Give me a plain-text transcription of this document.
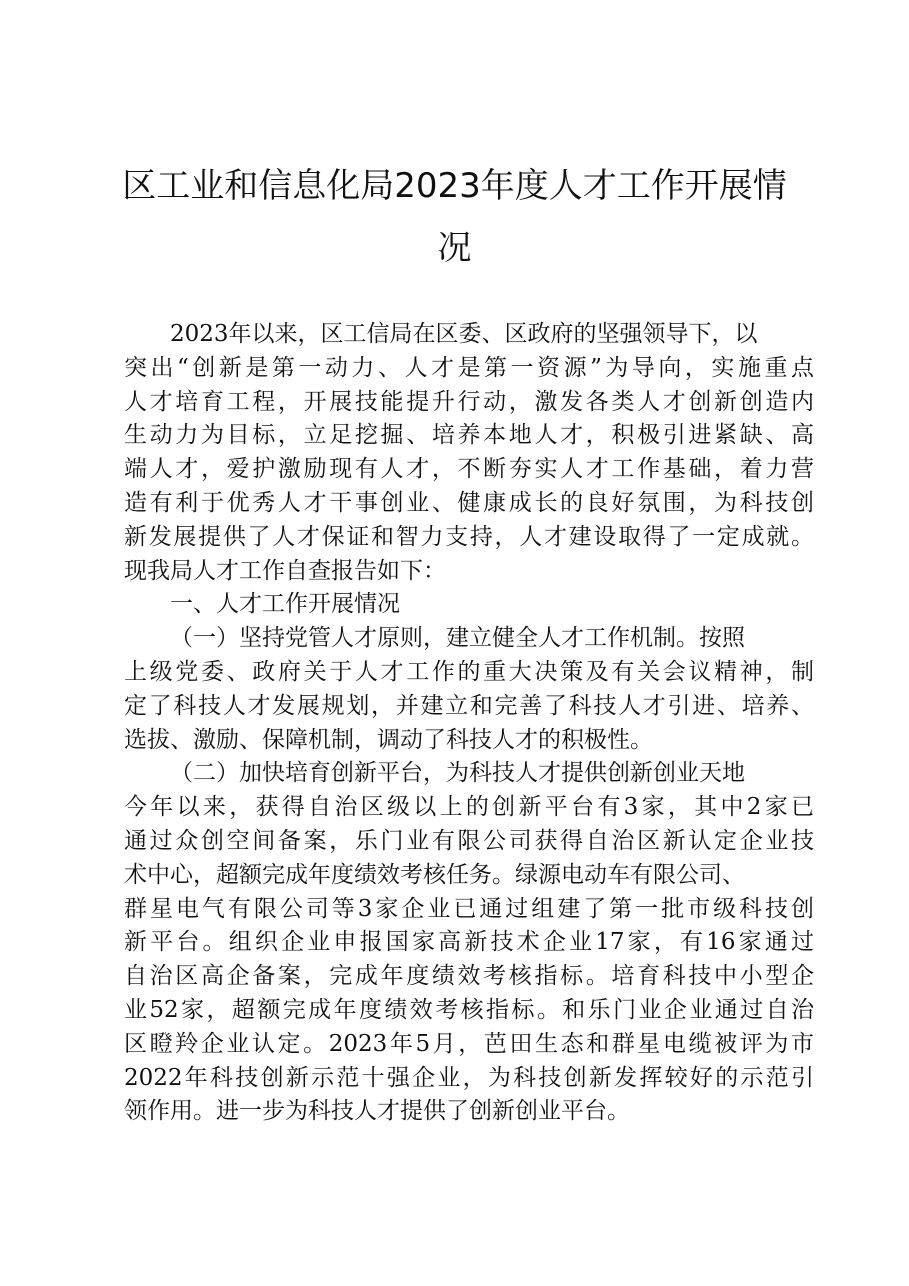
区工业和信息化局2023年度人才工作开展情
况
2023年以来，区工信局在区委、区政府的坚强领导下，以
突出“创新是第一动力、人才是第一资源”为导向，实施重点
人才培育工程，开展技能提升行动，激发各类人才创新创造内
生动力为目标，立足挖掘、培养本地人才，积极引进紧缺、高
端人才，爱护激励现有人才，不断夯实人才工作基础，着力营
造有利于优秀人才干事创业、健康成长的良好氛围，为科技创
新发展提供了人才保证和智力支持，人才建设取得了一定成就。
现我局人才工作自查报告如下：
一、人才工作开展情况
（一）坚持党管人才原则，建立健全人才工作机制。按照
上级党委、政府关于人才工作的重大决策及有关会议精神，制
定了科技人才发展规划，并建立和完善了科技人才引进、培养、
选拔、激励、保障机制，调动了科技人才的积极性。
（二）加快培育创新平台，为科技人才提供创新创业天地
今年以来，获得自治区级以上的创新平台有3家，其中2家已
通过众创空间备案，乐门业有限公司获得自治区新认定企业技
术中心，超额完成年度绩效考核任务。绿源电动车有限公司、
群星电气有限公司等3家企业已通过组建了第一批市级科技创
新平台。组织企业申报国家高新技术企业17家，有16家通过
自治区高企备案，完成年度绩效考核指标。培育科技中小型企
业52家，超额完成年度绩效考核指标。和乐门业企业通过自治
区瞪羚企业认定。2023年5月，芭田生态和群星电缆被评为市
2022年科技创新示范十强企业，为科技创新发挥较好的示范引
领作用。进一步为科技人才提供了创新创业平台。
